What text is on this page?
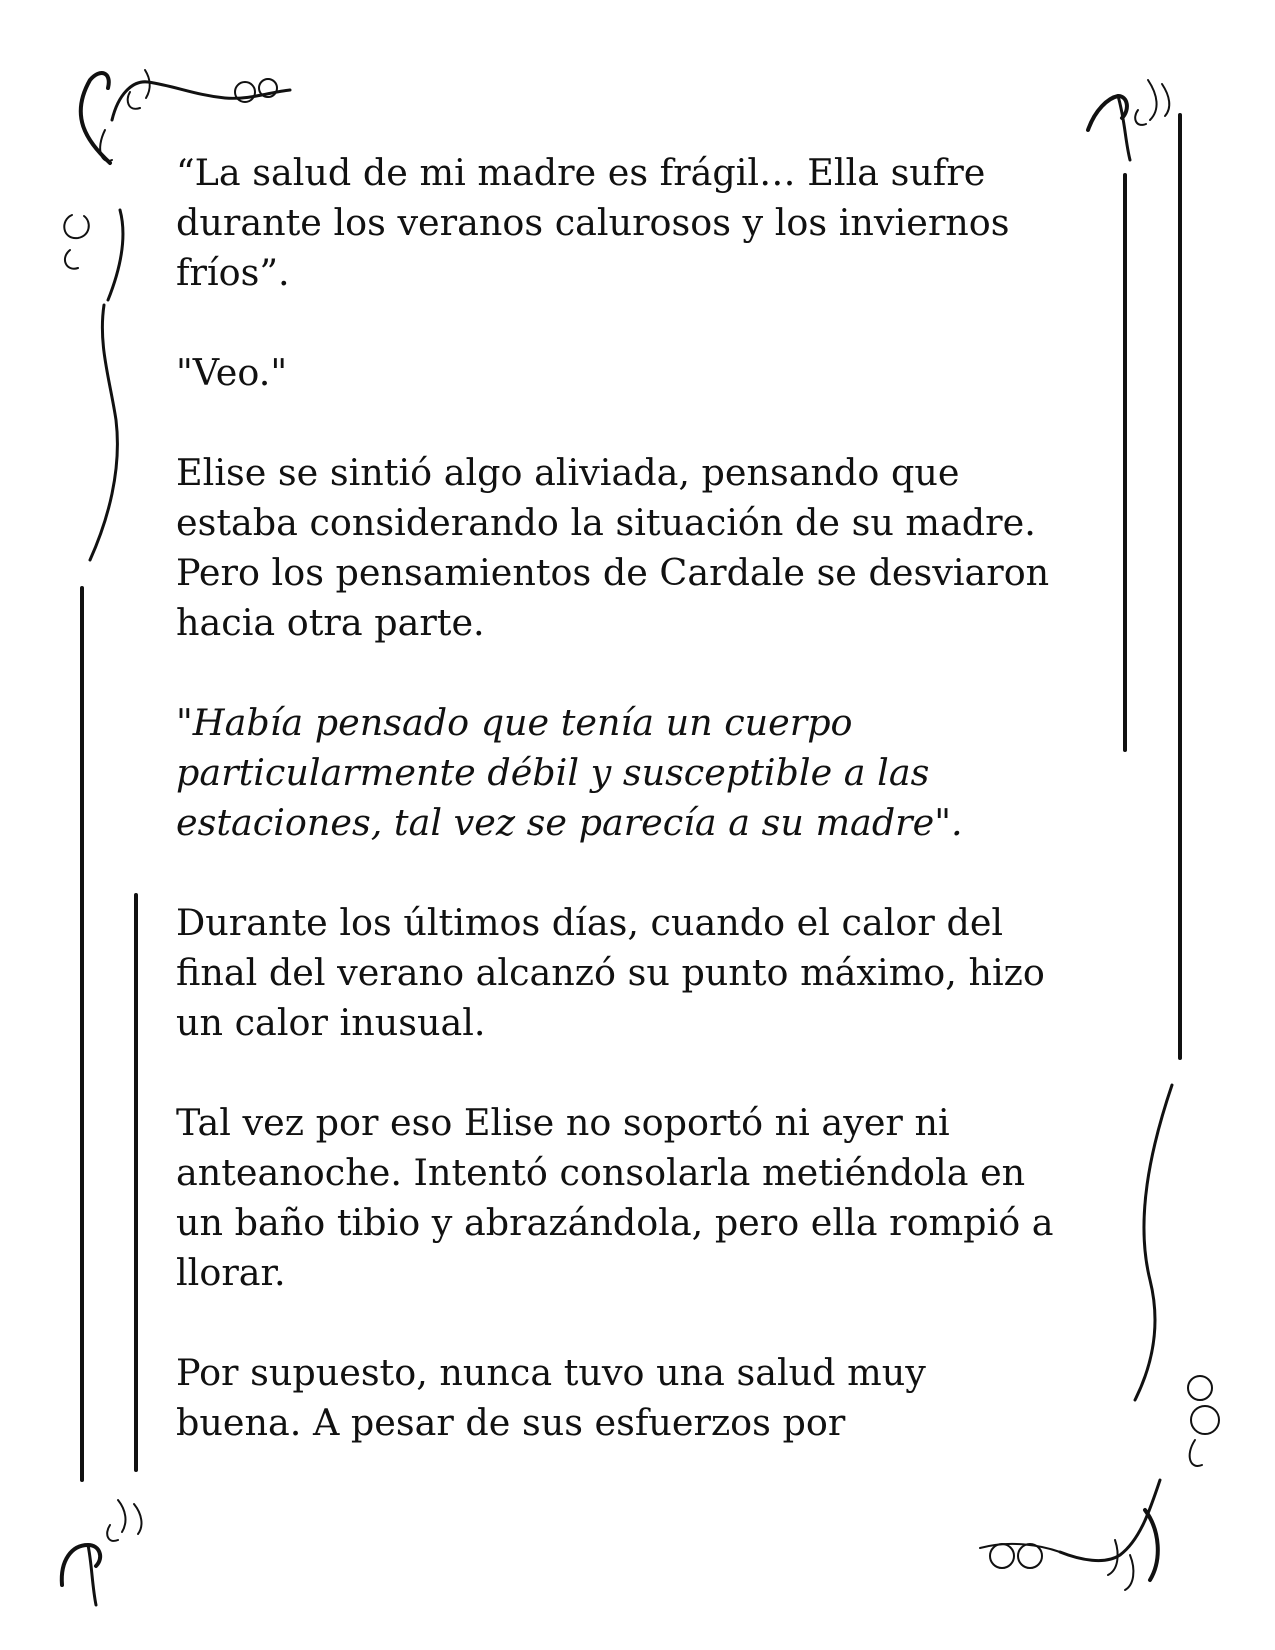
“La salud de mi madre es frágil… Ella sufre
durante los veranos calurosos y los inviernos
fríos”.

"Veo."

Elise se sintió algo aliviada, pensando que
estaba considerando la situación de su madre.
Pero los pensamientos de Cardale se desviaron
hacia otra parte.

"Había pensado que tenía un cuerpo
particularmente débil y susceptible a las
estaciones, tal vez se parecía a su madre".

Durante los últimos días, cuando el calor del
final del verano alcanzó su punto máximo, hizo
un calor inusual.

Tal vez por eso Elise no soportó ni ayer ni
anteanoche. Intentó consolarla metiéndola en
un baño tibio y abrazándola, pero ella rompió a
llorar.

Por supuesto, nunca tuvo una salud muy
buena. A pesar de sus esfuerzos por
